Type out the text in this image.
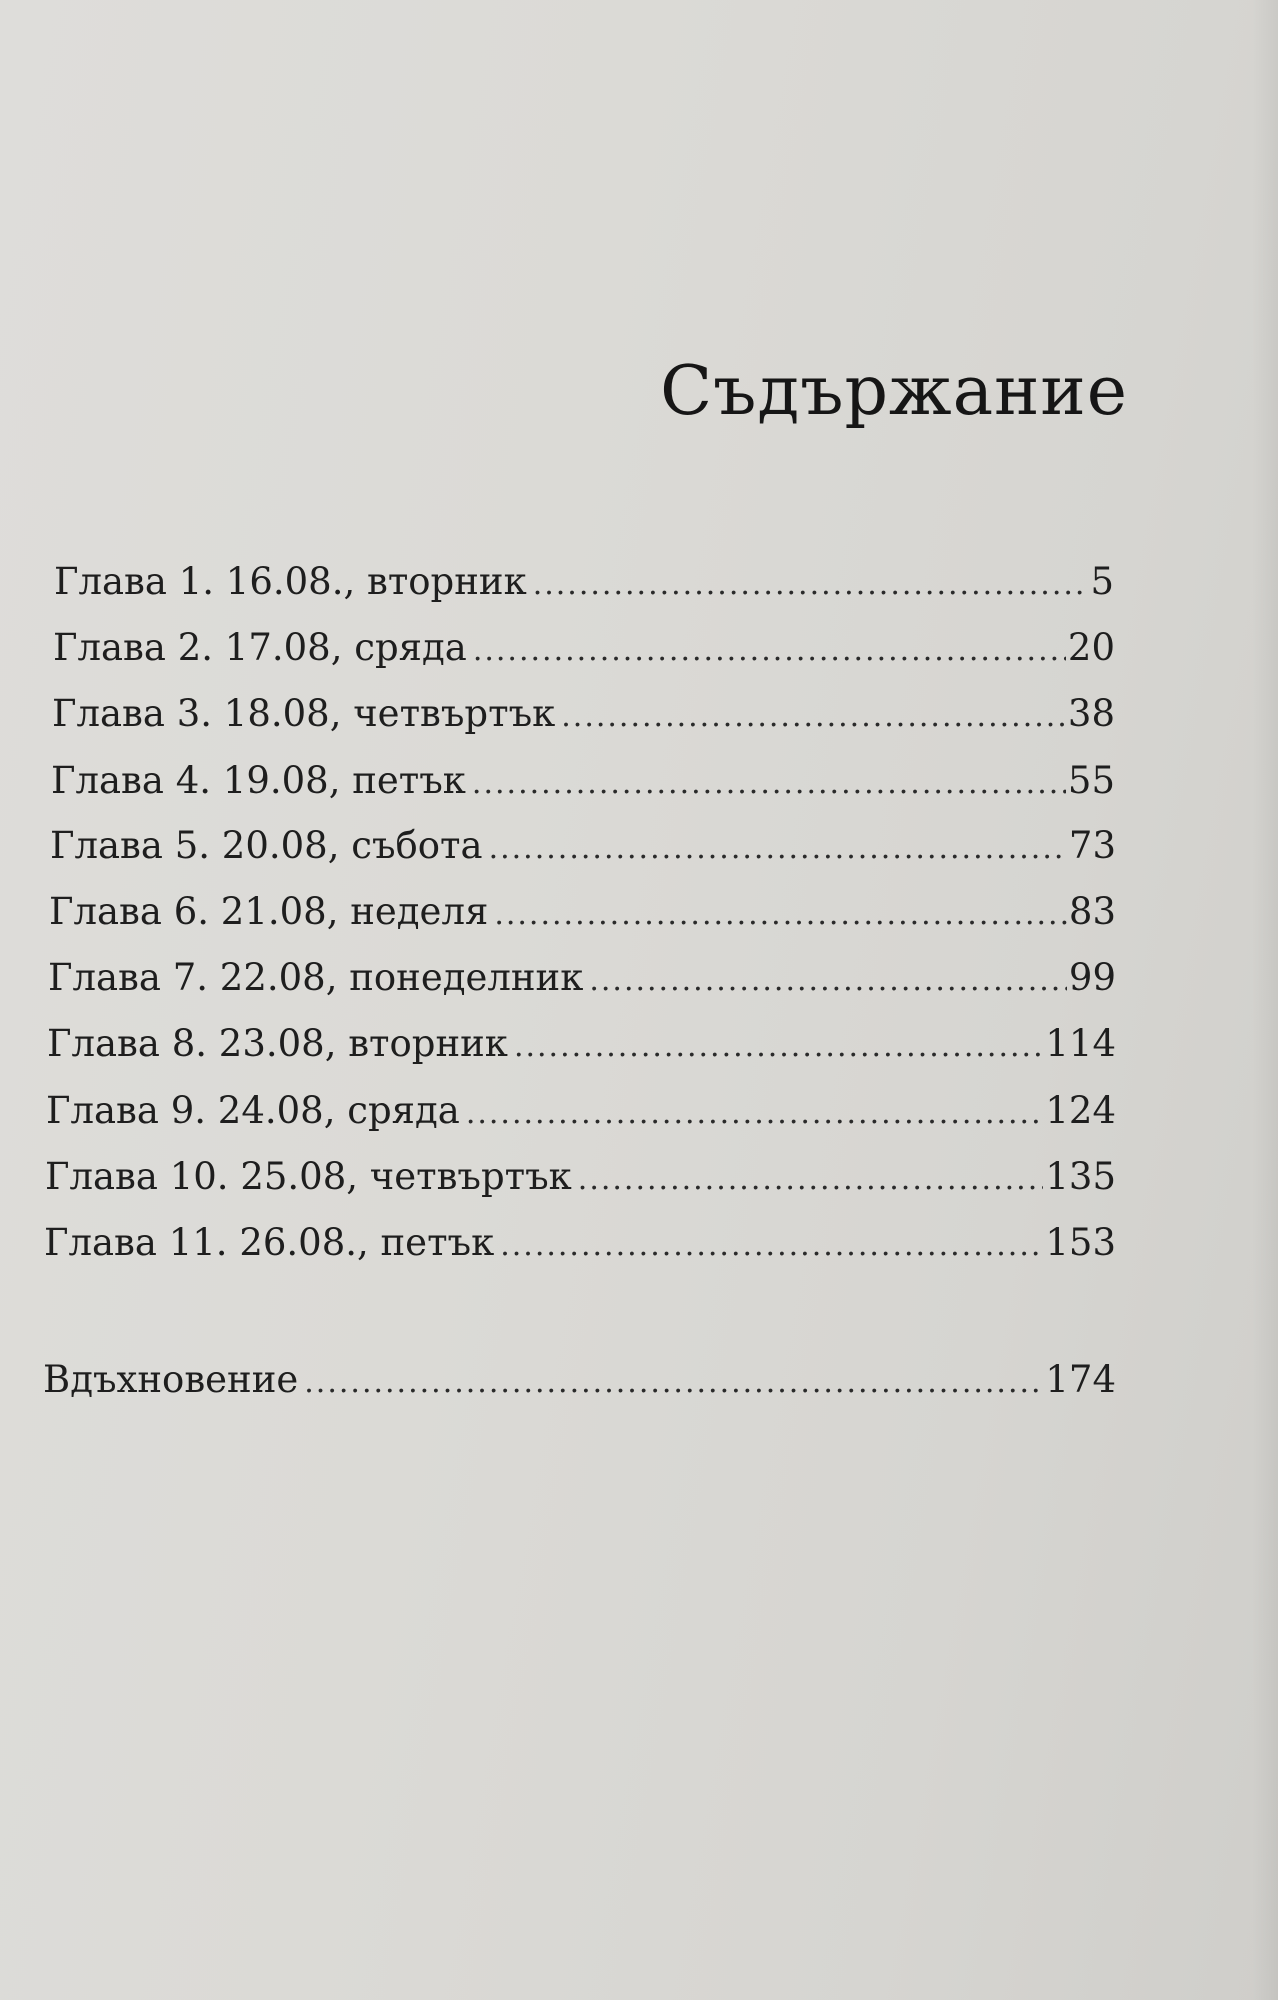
Съдържание
Глава 1. 16.08., вторник .....	5
Глава 2. 17.08, сряда .....	20
Глава 3. 18.08, четвъртък .....	38
Глава 4. 19.08, петък .....	55
Глава 5. 20.08, събота .....	73
Глава 6. 21.08, неделя .....	83
Глава 7. 22.08, понеделник .....	99
Глава 8. 23.08, вторник .....	114
Глава 9. 24.08, сряда .....	124
Глава 10. 25.08, четвъртък .....	135
Глава 11. 26.08., петък .....	153
Вдъхновение .....	174
